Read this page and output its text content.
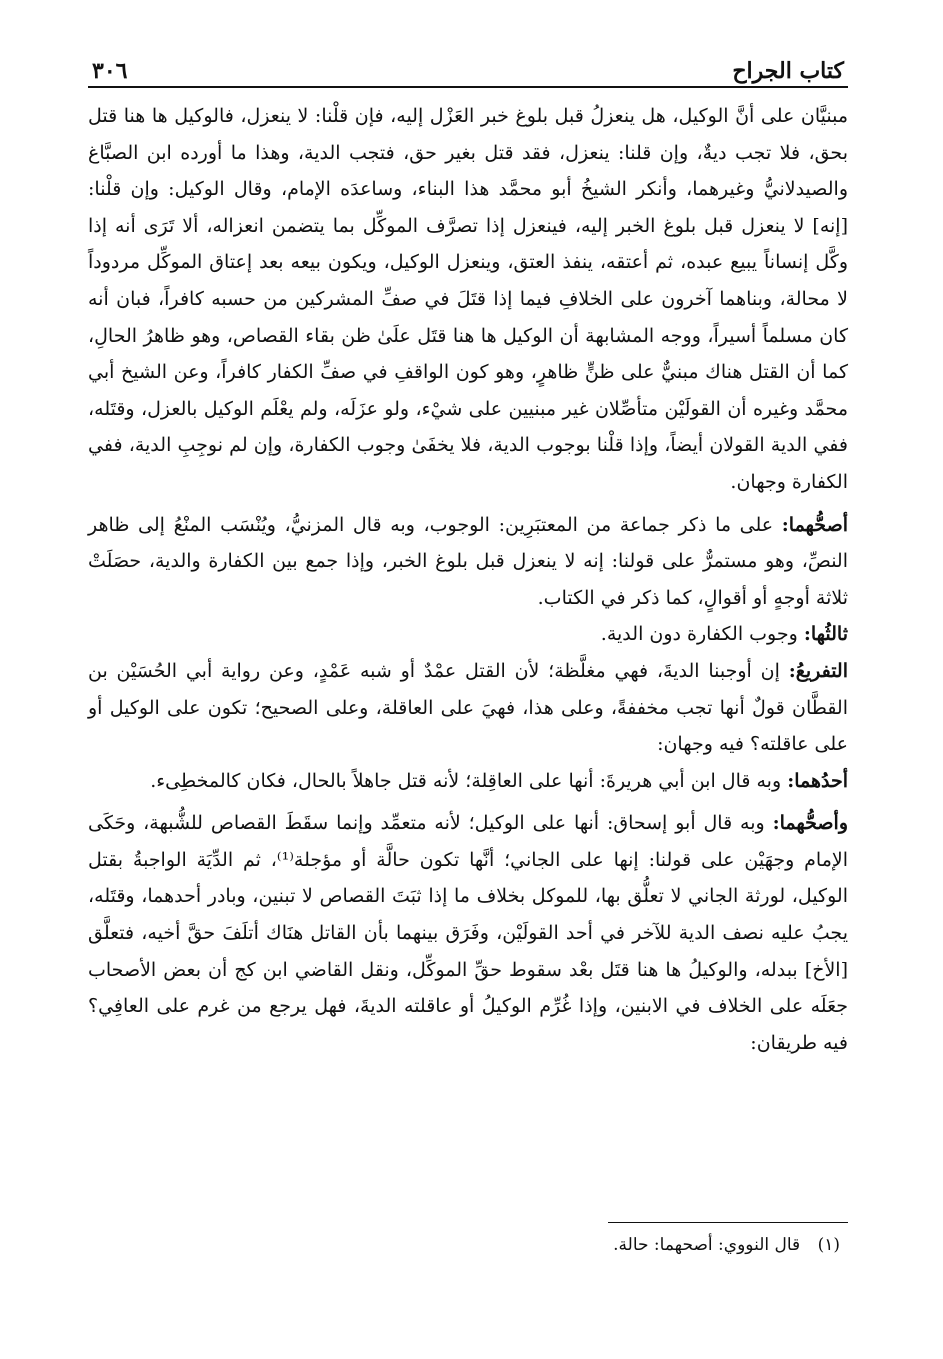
كتاب الجراح
٣٠٦

مبنيَّان على أنَّ الوكيل، هل ينعزلُ قبل بلوغ خبر العَزْل إليه، فإن قلْنا: لا ينعزل، فالوكيل ها هنا قتل بحق، فلا تجب ديةٌ، وإن قلنا: ينعزل، فقد قتل بغير حق، فتجب الدية، وهذا ما أورده ابن الصبَّاغ والصيدلانيُّ وغيرهما، وأنكر الشيخُ أبو محمَّد هذا البناء، وساعدَه الإمام، وقال الوكيل: وإن قلْنا: [إنه] لا ينعزل قبل بلوغ الخبر إليه، فينعزل إذا تصرَّف الموكِّل بما يتضمن انعزاله، ألا تَرَى أنه إذا وكَّل إنساناً يبيع عبده، ثم أعتقه، ينفذ العتق، وينعزل الوكيل، ويكون بيعه بعد إعتاق الموكِّل مردوداً لا محالة، وبناهما آخرون على الخلافِ فيما إذا قتَلَ في صفِّ المشركين من حسبه كافراً، فبان أنه كان مسلماً أسيراً، ووجه المشابهة أن الوكيل ها هنا قتَل علَىٰ ظن بقاء القصاص، وهو ظاهرُ الحالِ، كما أن القتل هناك مبنيٌّ على ظنٍّ ظاهرٍ، وهو كون الواقفِ في صفِّ الكفار كافراً، وعن الشيخ أبي محمَّد وغيره أن القولَيْن متأصِّلان غير مبنيين على شيْء، ولو عزَلَه، ولم يعْلَم الوكيل بالعزل، وقتَله، ففي الدية القولان أيضاً، وإذا قلْنا بوجوب الدية، فلا يخفَىٰ وجوب الكفارة، وإن لم نوجِبِ الدية، ففي الكفارة وجهان.

أصحُّهما: على ما ذكر جماعة من المعتبَرِين: الوجوب، وبه قال المزنيُّ، ويُنْسَب المنْعُ إلى ظاهر النصِّ، وهو مستمرٌّ على قولنا: إنه لا ينعزل قبل بلوغ الخبر، وإذا جمع بين الكفارة والدية، حصَلَتْ ثلاثة أوجهٍ أو أقوالٍ، كما ذكر في الكتاب.

ثالثُها: وجوب الكفارة دون الدية.

التفريعُ: إن أوجبنا الديةَ، فهي مغلَّظة؛ لأن القتل عمْدٌ أو شبه عَمْدٍ، وعن رواية أبي الحُسَيْن بن القطَّان قولٌ أنها تجب مخففةً، وعلى هذا، فهيَ على العاقلة، وعلى الصحيح؛ تكون على الوكيل أو على عاقلته؟ فيه وجهان:

أحدُهما: وبه قال ابن أبي هريرةَ: أنها على العاقِلة؛ لأنه قتل جاهلاً بالحال، فكان كالمخطِىء.

وأصحُّهما: وبه قال أبو إسحاق: أنها على الوكيل؛ لأنه متعمِّد وإنما سقَطَ القصاص للشُّبهة، وحَكَى الإمام وجهَيْن على قولنا: إنها على الجاني؛ أنَّها تكون حالَّة أو مؤجلة⁽¹⁾، ثم الدِّيَة الواجبةُ بقتل الوكيل، لورثة الجاني لا تعلُّق بها، للموكل بخلاف ما إذا ثبَتَ القصاص لا تبنين، وبادر أحدهما، وقتَله، يجبُ عليه نصف الدية للآخر في أحد القولَيْن، وفَرَق بينهما بأن القاتل هنَاك أتلَفَ حقَّ أخيه، فتعلَّق [الأخ] ببدله، والوكيلُ ها هنا قتَل بعْد سقوط حقِّ الموكِّل، ونقل القاضي ابن كج أن بعض الأصحاب جعَلَه على الخلاف في الابنين، وإذا غُرِّم الوكيلُ أو عاقلته الديةَ، فهل يرجع من غرم على العافِي؟ فيه طريقان:

(١) قال النووي: أصحهما: حالة.
